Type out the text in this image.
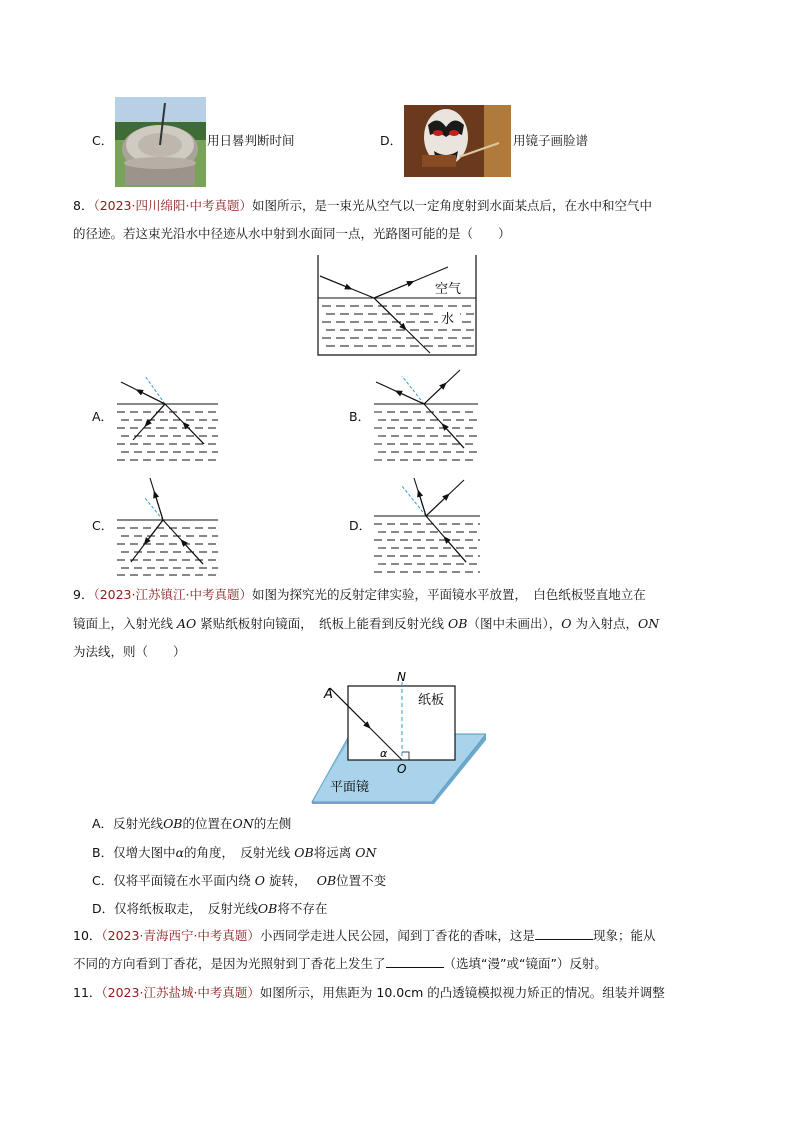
C．	用日晷判断时间	D．	用镜子画脸谱
8．（2023·四川绵阳·中考真题）如图所示，是一束光从空气以一定角度射到水面某点后，在水中和空气中
的径迹。若这束光沿水中径迹从水中射到水面同一点，光路图可能的是（　　）
空气
水
A．	B．
C．	D．
9．（2023·江苏镇江·中考真题）如图为探究光的反射定律实验，平面镜水平放置，　白色纸板竖直地立在
镜面上，入射光线 AO 紧贴纸板射向镜面，　纸板上能看到反射光线 OB（图中未画出），O 为入射点，ON
为法线，则（　　）
A
N
纸板
α
O
平面镜
A．反射光线OB的位置在ON的左侧
B．仅增大图中α的角度，　反射光线 OB将远离 ON
C．仅将平面镜在水平面内绕 O 旋转，　 OB位置不变
D．仅将纸板取走，　反射光线OB将不存在
10．（2023·青海西宁·中考真题）小西同学走进人民公园，闻到丁香花的香味，这是	现象；能从
不同的方向看到丁香花，是因为光照射到丁香花上发生了	（选填“漫”或“镜面”）反射。
11．（2023·江苏盐城·中考真题）如图所示，用焦距为 10.0cm 的凸透镜模拟视力矫正的情况。组装并调整
